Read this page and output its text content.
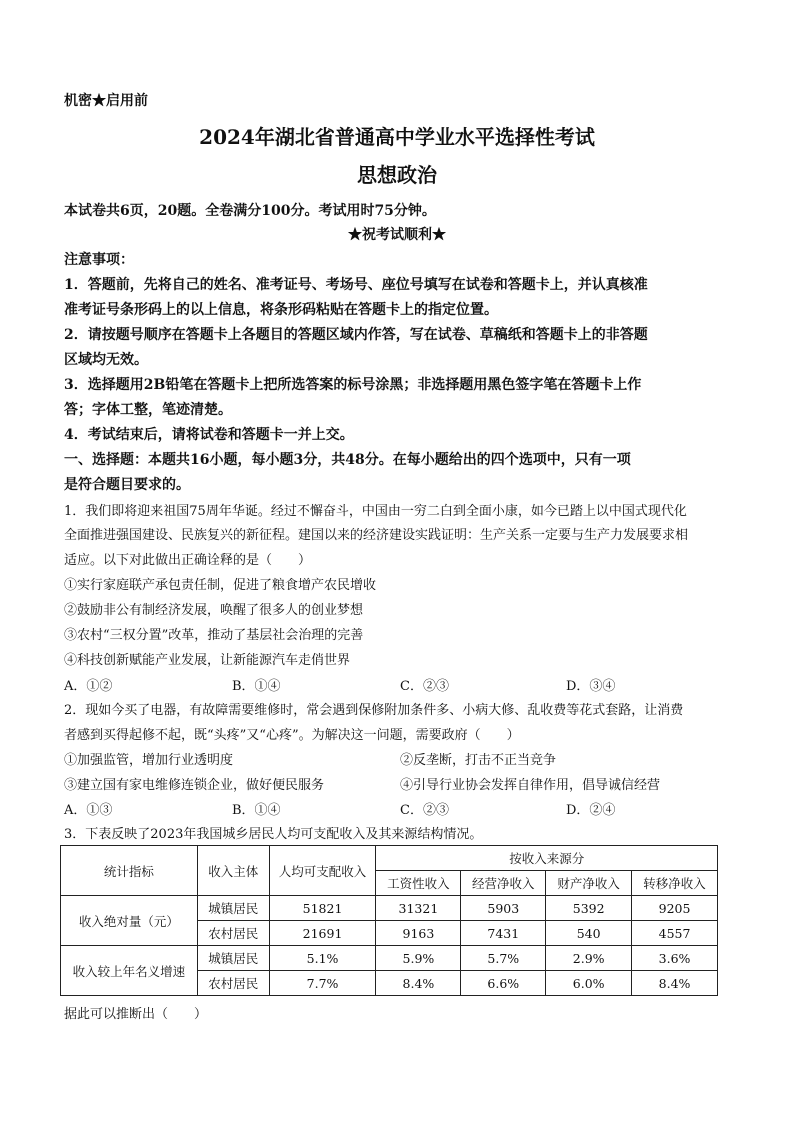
机密★启用前
2024年湖北省普通高中学业水平选择性考试
思想政治
本试卷共6页，20题。全卷满分100分。考试用时75分钟。
★祝考试顺利★
注意事项：
1．答题前，先将自己的姓名、准考证号、考场号、座位号填写在试卷和答题卡上，并认真核准
准考证号条形码上的以上信息，将条形码粘贴在答题卡上的指定位置。
2．请按题号顺序在答题卡上各题目的答题区域内作答，写在试卷、草稿纸和答题卡上的非答题
区域均无效。
3．选择题用2B铅笔在答题卡上把所选答案的标号涂黑；非选择题用黑色签字笔在答题卡上作
答；字体工整，笔迹清楚。
4．考试结束后，请将试卷和答题卡一并上交。
一、选择题：本题共16小题，每小题3分，共48分。在每小题给出的四个选项中，只有一项
是符合题目要求的。
1．我们即将迎来祖国75周年华诞。经过不懈奋斗，中国由一穷二白到全面小康，如今已踏上以中国式现代化
全面推进强国建设、民族复兴的新征程。建国以来的经济建设实践证明：生产关系一定要与生产力发展要求相
适应。以下对此做出正确诠释的是（　　）
①实行家庭联产承包责任制，促进了粮食增产农民增收
②鼓励非公有制经济发展，唤醒了很多人的创业梦想
③农村“三权分置”改革，推动了基层社会治理的完善
④科技创新赋能产业发展，让新能源汽车走俏世界
A．①②	B．①④	C．②③	D．③④
2．现如今买了电器，有故障需要维修时，常会遇到保修附加条件多、小病大修、乱收费等花式套路，让消费
者感到买得起修不起，既“头疼”又“心疼”。为解决这一问题，需要政府（　　）
①加强监管，增加行业透明度	②反垄断，打击不正当竞争
③建立国有家电维修连锁企业，做好便民服务	④引导行业协会发挥自律作用，倡导诚信经营
A．①③	B．①④	C．②③	D．②④
3．下表反映了2023年我国城乡居民人均可支配收入及其来源结构情况。
统计指标	收入主体	人均可支配收入	按收入来源分			
			工资性收入	经营净收入	财产净收入	转移净收入
收入绝对量（元）	城镇居民	51821	31321	5903	5392	9205
	农村居民	21691	9163	7431	540	4557
收入较上年名义增速	城镇居民	5.1%	5.9%	5.7%	2.9%	3.6%
	农村居民	7.7%	8.4%	6.6%	6.0%	8.4%
据此可以推断出（　　）
